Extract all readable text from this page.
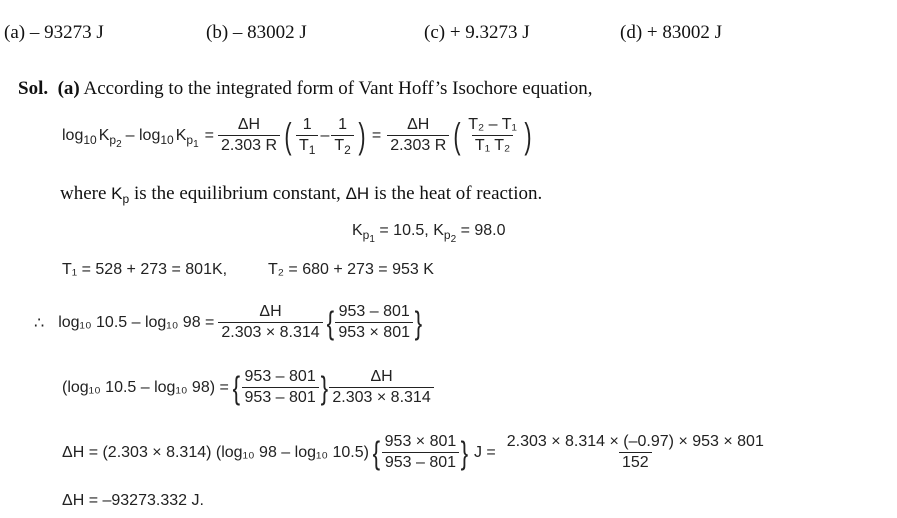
(a) – 93273 J	(b) – 83002 J	(c) + 9.3273 J	(d) + 83002 J
Sol. (a) According to the integrated form of Vant Hoff’s Isochore equation,
$\log_{10} K_{p_2}$
– $\log_{10} K_{p_1}$
= $\frac{\Delta H}{2.303 R}$ ( $\frac{1}{T_1} - \frac{1}{T_2}$ ) = $\frac{\Delta H}{2.303 R}$ ( $\frac{\text{T₂ – T₁}}{\text{T₁ T₂}}$ )
where $K_p$ is the equilibrium constant, ΔH is the heat of reaction.
$K_{p_1} = 10.5$, $K_{p_2} = 98.0$
T₁ = 528 + 273 = 801K,	T₂ = 680 + 273 = 953 K
∴ log₁₀ 10.5 – log₁₀ $98 = \frac{\Delta H}{2.303 \times 8.314}$ { $\frac{953 - 801}{953 \times 801}$ }
(log₁₀ 10.5 – log₁₀ 98) = { $\frac{953 - 801}{953 - 801}$ } $\frac{\Delta H}{2.303 \times 8.314}$
ΔH = (2.303 × 8.314) (log₁₀ 98 – log₁₀ 10.5) { $\frac{953 \times 801}{953 - 801}$ } $J = \frac{2.303 \times 8.314 \times (-0.97) \times 953 \times 801}{152}$
ΔH = –93273.332 J.
